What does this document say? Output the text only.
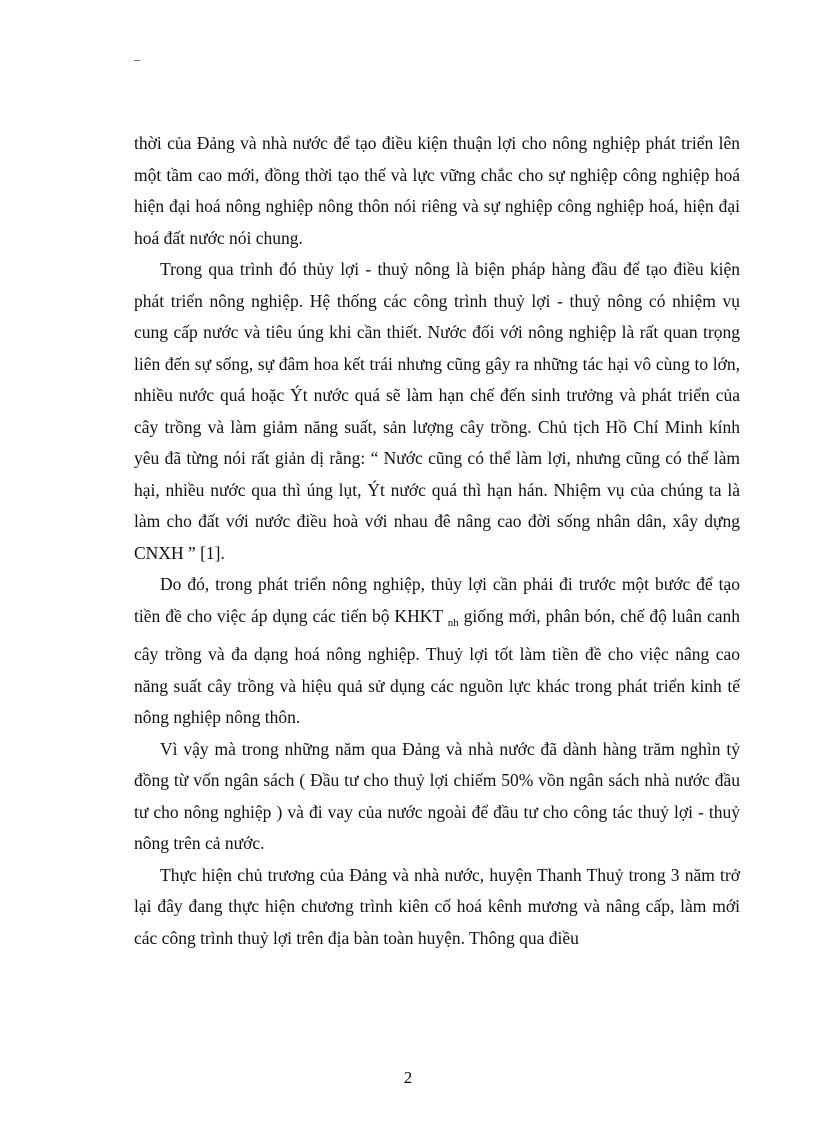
–

thời của Đảng và nhà nước để tạo điều kiện thuận lợi cho nông nghiệp phát triển lên một tầm cao mới, đồng thời tạo thế và lực vững chắc cho sự nghiệp công nghiệp hoá hiện đại hoá nông nghiệp nông thôn nói riêng và sự nghiệp công nghiệp hoá, hiện đại hoá đất nước nói chung.

Trong qua trình đó thủy lợi - thuỷ nông là biện pháp hàng đầu để tạo điều kiện phát triển nông nghiệp. Hệ thống các công trình thuỷ lợi - thuỷ nông có nhiệm vụ cung cấp nước và tiêu úng khi cần thiết. Nước đối với nông nghiệp là rất quan trọng liên đến sự sống, sự đâm hoa kết trái nhưng cũng gây ra những tác hại vô cùng to lớn, nhiều nước quá hoặc Ýt nước quá sẽ làm hạn chế đến sinh trưởng và phát triển của cây trồng và làm giảm năng suất, sản lượng cây trồng. Chủ tịch Hồ Chí Minh kính yêu đã từng nói rất giản dị rằng: “ Nước cũng có thể làm lợi, nhưng cũng có thể làm hại, nhiều nước qua thì úng lụt, Ýt nước quá thì hạn hán. Nhiệm vụ của chúng ta là làm cho đất với nước điều hoà với nhau đê nâng cao đời sống nhân dân, xây dựng CNXH ” [1].

Do đó, trong phát triển nông nghiệp, thủy lợi cần phải đi trước một bước để tạo tiền đề cho việc áp dụng các tiến bộ KHKT $_{nh}$ giống mới, phân bón, chế độ luân canh cây trồng và đa dạng hoá nông nghiệp. Thuỷ lợi tốt làm tiền đề cho việc nâng cao năng suất cây trồng và hiệu quả sử dụng các nguồn lực khác trong phát triển kinh tế nông nghiệp nông thôn.

Vì vậy mà trong những năm qua Đảng và nhà nước đã dành hàng trăm nghìn tỷ đồng từ vốn ngân sách ( Đầu tư cho thuỷ lợi chiếm 50% vồn ngân sách nhà nước đầu tư cho nông nghiệp ) và đi vay của nước ngoài để đầu tư cho công tác thuỷ lợi - thuỷ nông trên cả nước.

Thực hiện chủ trương của Đảng và nhà nước, huyện Thanh Thuỷ trong 3 năm trở lại đây đang thực hiện chương trình kiên cố hoá kênh mương và nâng cấp, làm mới các công trình thuỷ lợi trên địa bàn toàn huyện. Thông qua điều

2
